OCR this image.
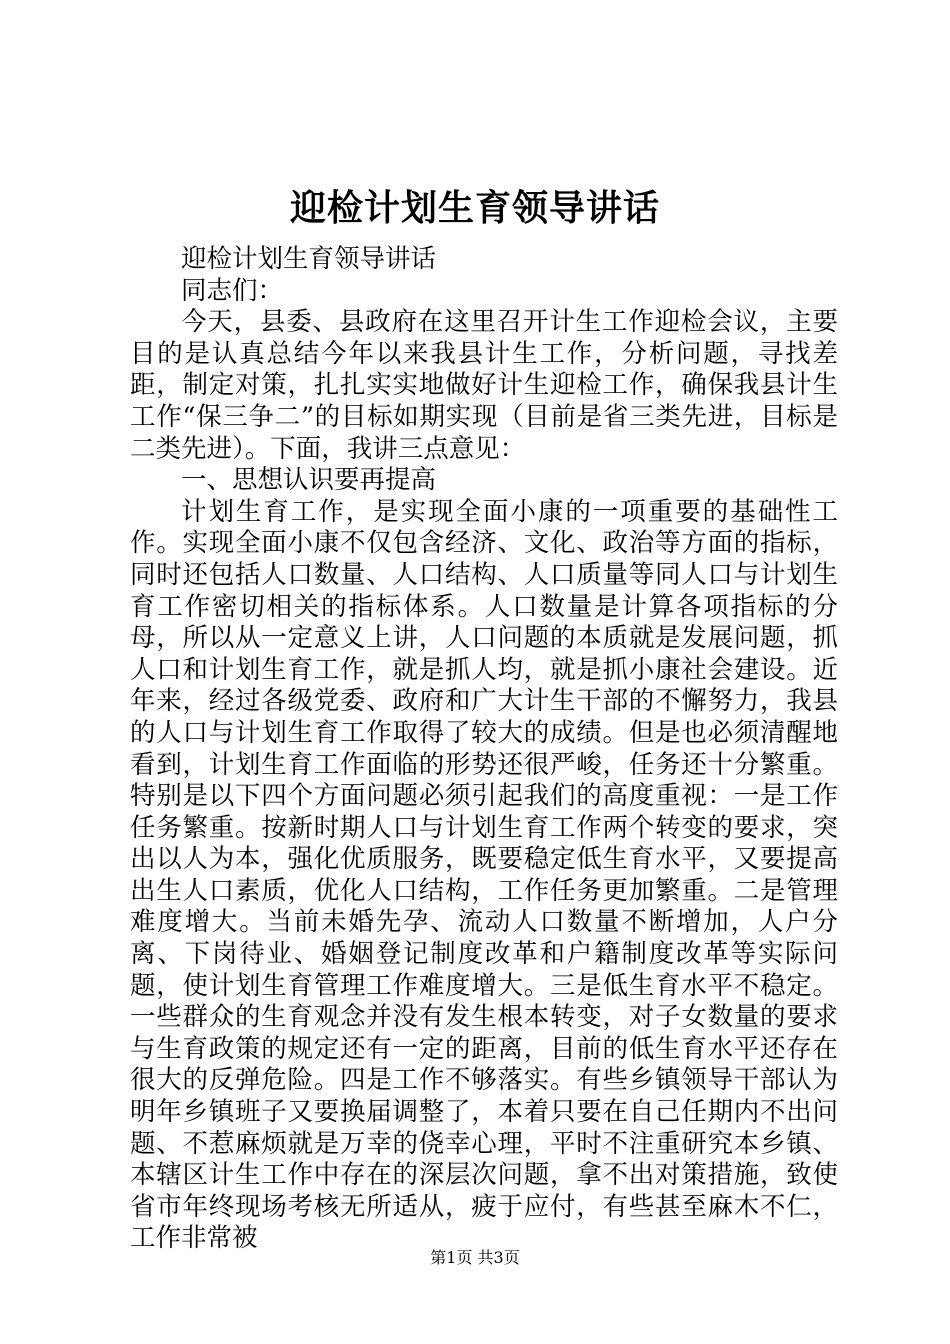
迎检计划生育领导讲话

迎检计划生育领导讲话

同志们：

今天，县委、县政府在这里召开计生工作迎检会议，主要目的是认真总结今年以来我县计生工作，分析问题，寻找差距，制定对策，扎扎实实地做好计生迎检工作，确保我县计生工作“保三争二”的目标如期实现（目前是省三类先进，目标是二类先进）。下面，我讲三点意见：

一、思想认识要再提高

计划生育工作，是实现全面小康的一项重要的基础性工作。实现全面小康不仅包含经济、文化、政治等方面的指标，同时还包括人口数量、人口结构、人口质量等同人口与计划生育工作密切相关的指标体系。人口数量是计算各项指标的分母，所以从一定意义上讲，人口问题的本质就是发展问题，抓人口和计划生育工作，就是抓人均，就是抓小康社会建设。近年来，经过各级党委、政府和广大计生干部的不懈努力，我县的人口与计划生育工作取得了较大的成绩。但是也必须清醒地看到，计划生育工作面临的形势还很严峻，任务还十分繁重。特别是以下四个方面问题必须引起我们的高度重视：一是工作任务繁重。按新时期人口与计划生育工作两个转变的要求，突出以人为本，强化优质服务，既要稳定低生育水平，又要提高出生人口素质，优化人口结构，工作任务更加繁重。二是管理难度增大。当前未婚先孕、流动人口数量不断增加，人户分离、下岗待业、婚姻登记制度改革和户籍制度改革等实际问题，使计划生育管理工作难度增大。三是低生育水平不稳定。一些群众的生育观念并没有发生根本转变，对子女数量的要求与生育政策的规定还有一定的距离，目前的低生育水平还存在很大的反弹危险。四是工作不够落实。有些乡镇领导干部认为明年乡镇班子又要换届调整了，本着只要在自己任期内不出问题、不惹麻烦就是万幸的侥幸心理，平时不注重研究本乡镇、本辖区计生工作中存在的深层次问题，拿不出对策措施，致使省市年终现场考核无所适从，疲于应付，有些甚至麻木不仁，工作非常被

第1页 共3页
